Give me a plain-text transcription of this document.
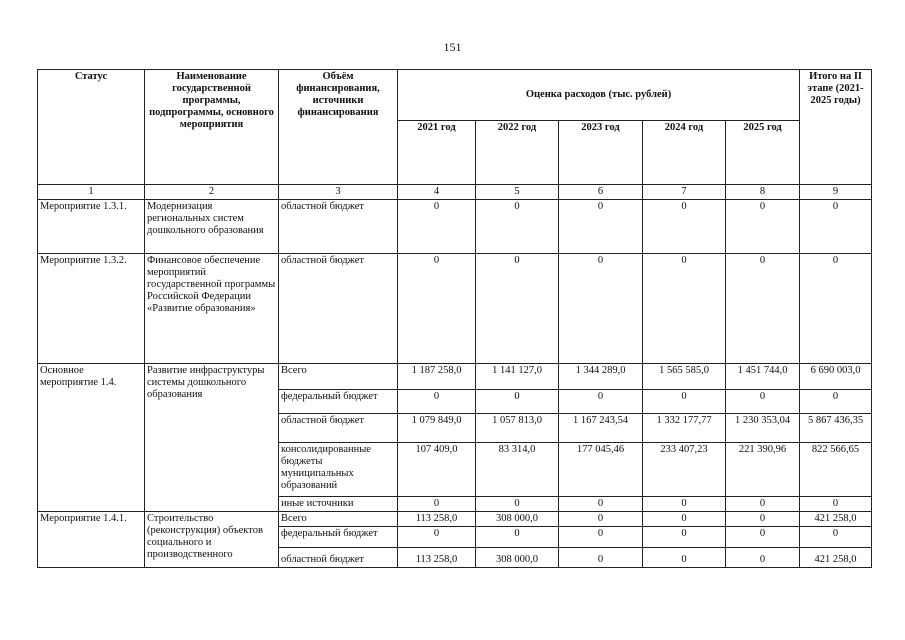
151
Статус	Наименование государственной программы, подпрограммы, основного мероприятия	Объём финансирования, источники финансирования	Оценка расходов (тыс. рублей)					Итого на II этапе (2021-2025 годы)
			2021 год	2022 год	2023 год	2024 год	2025 год	
1	2	3	4	5	6	7	8	9
Мероприятие 1.3.1.	Модернизация региональных систем дошкольного образования	областной бюджет	0	0	0	0	0	0
Мероприятие 1.3.2.	Финансовое обеспечение мероприятий государственной программы Российской Федерации «Развитие образования»	областной бюджет	0	0	0	0	0	0
Основное мероприятие 1.4.	Развитие инфраструктуры системы дошкольного образования	Всего	1 187 258,0	1 141 127,0	1 344 289,0	1 565 585,0	1 451 744,0	6 690 003,0
		федеральный бюджет	0	0	0	0	0	0
		областной бюджет	1 079 849,0	1 057 813,0	1 167 243,54	1 332 177,77	1 230 353,04	5 867 436,35
		консолидированные бюджеты муниципальных образований	107 409,0	83 314,0	177 045,46	233 407,23	221 390,96	822 566,65
		иные источники	0	0	0	0	0	0
Мероприятие 1.4.1.	Строительство (реконструкция) объектов социального и производственного	Всего	113 258,0	308 000,0	0	0	0	421 258,0
		федеральный бюджет	0	0	0	0	0	0
		областной бюджет	113 258,0	308 000,0	0	0	0	421 258,0
